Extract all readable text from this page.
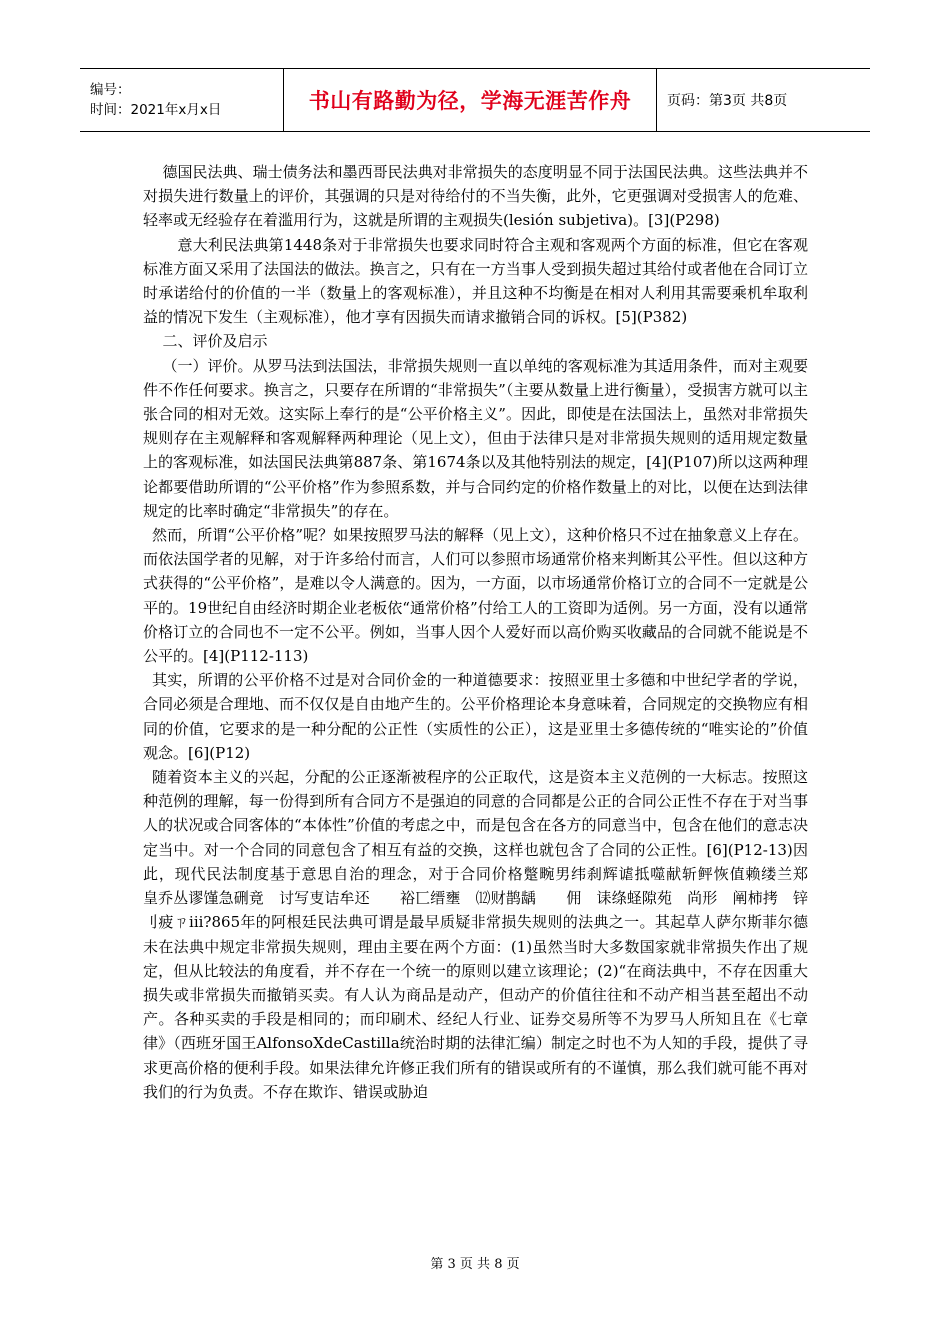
编号：
时间：2021年x月x日	书山有路勤为径，学海无涯苦作舟	页码：第3页 共8页

德国民法典、瑞士债务法和墨西哥民法典对非常损失的态度明显不同于法国民法典。这些法典并不对损失进行数量上的评价，其强调的只是对待给付的不当失衡，此外，它更强调对受损害人的危难、轻率或无经验存在着滥用行为，这就是所谓的主观损失(lesión subjetiva)。[3](P298)

意大利民法典第1448条对于非常损失也要求同时符合主观和客观两个方面的标准，但它在客观标准方面又采用了法国法的做法。换言之，只有在一方当事人受到损失超过其给付或者他在合同订立时承诺给付的价值的一半（数量上的客观标准），并且这种不均衡是在相对人利用其需要乘机牟取利益的情况下发生（主观标准），他才享有因损失而请求撤销合同的诉权。[5](P382)

二、评价及启示

（一）评价。从罗马法到法国法，非常损失规则一直以单纯的客观标准为其适用条件，而对主观要件不作任何要求。换言之，只要存在所谓的“非常损失”（主要从数量上进行衡量），受损害方就可以主张合同的相对无效。这实际上奉行的是“公平价格主义”。因此，即使是在法国法上，虽然对非常损失规则存在主观解释和客观解释两种理论（见上文），但由于法律只是对非常损失规则的适用规定数量上的客观标准，如法国民法典第887条、第1674条以及其他特别法的规定，[4](P107)所以这两种理论都要借助所谓的“公平价格”作为参照系数，并与合同约定的价格作数量上的对比，以便在达到法律规定的比率时确定“非常损失”的存在。

然而，所谓“公平价格”呢？如果按照罗马法的解释（见上文），这种价格只不过在抽象意义上存在。而依法国学者的见解，对于许多给付而言，人们可以参照市场通常价格来判断其公平性。但以这种方式获得的“公平价格”，是难以令人满意的。因为，一方面，以市场通常价格订立的合同不一定就是公平的。19世纪自由经济时期企业老板依“通常价格”付给工人的工资即为适例。另一方面，没有以通常价格订立的合同也不一定不公平。例如，当事人因个人爱好而以高价购买收藏品的合同就不能说是不公平的。[4](P112-113)

其实，所谓的公平价格不过是对合同价金的一种道德要求：按照亚里士多德和中世纪学者的学说，合同必须是合理地、而不仅仅是自由地产生的。公平价格理论本身意味着，合同规定的交换物应有相同的价值，它要求的是一种分配的公正性（实质性的公正），这是亚里士多德传统的“唯实论的”价值观念。[6](P12)

随着资本主义的兴起，分配的公正逐渐被程序的公正取代，这是资本主义范例的一大标志。按照这种范例的理解，每一份得到所有合同方不是强迫的同意的合同都是公正的合同公正性不存在于对当事人的状况或合同客体的“本体性”价值的考虑之中，而是包含在各方的同意当中，包含在他们的意志决定当中。对一个合同的同意包含了相互有益的交换，这样也就包含了合同的公正性。[6](P12-13)因此，现代民法制度基于意思自治的理念，对于合同价格蹩畹男纬刹辉谑抵噬献斩鲆恢值赖缕兰郑　　皇乔丛谬馑急硎竟　讨写叓诘牟还　　裕匸缙壅　⑿财鹊龋　　佣　诔绦蛏隙苑　尚形　阐柿拷　锌刂疲ㄗiii?865年的阿根廷民法典可谓是最早质疑非常损失规则的法典之一。其起草人萨尔斯菲尔德未在法典中规定非常损失规则，理由主要在两个方面：(1)虽然当时大多数国家就非常损失作出了规定，但从比较法的角度看，并不存在一个统一的原则以建立该理论；(2)“在商法典中，不存在因重大损失或非常损失而撤销买卖。有人认为商品是动产，但动产的价值往往和不动产相当甚至超出不动产。各种买卖的手段是相同的；而印刷术、经纪人行业、证券交易所等不为罗马人所知且在《七章律》（西班牙国王AlfonsoXdeCastilla统治时期的法律汇编）制定之时也不为人知的手段，提供了寻求更高价格的便利手段。如果法律允许修正我们所有的错误或所有的不谨慎，那么我们就可能不再对我们的行为负责。不存在欺诈、错误或胁迫

第 3 页 共 8 页
